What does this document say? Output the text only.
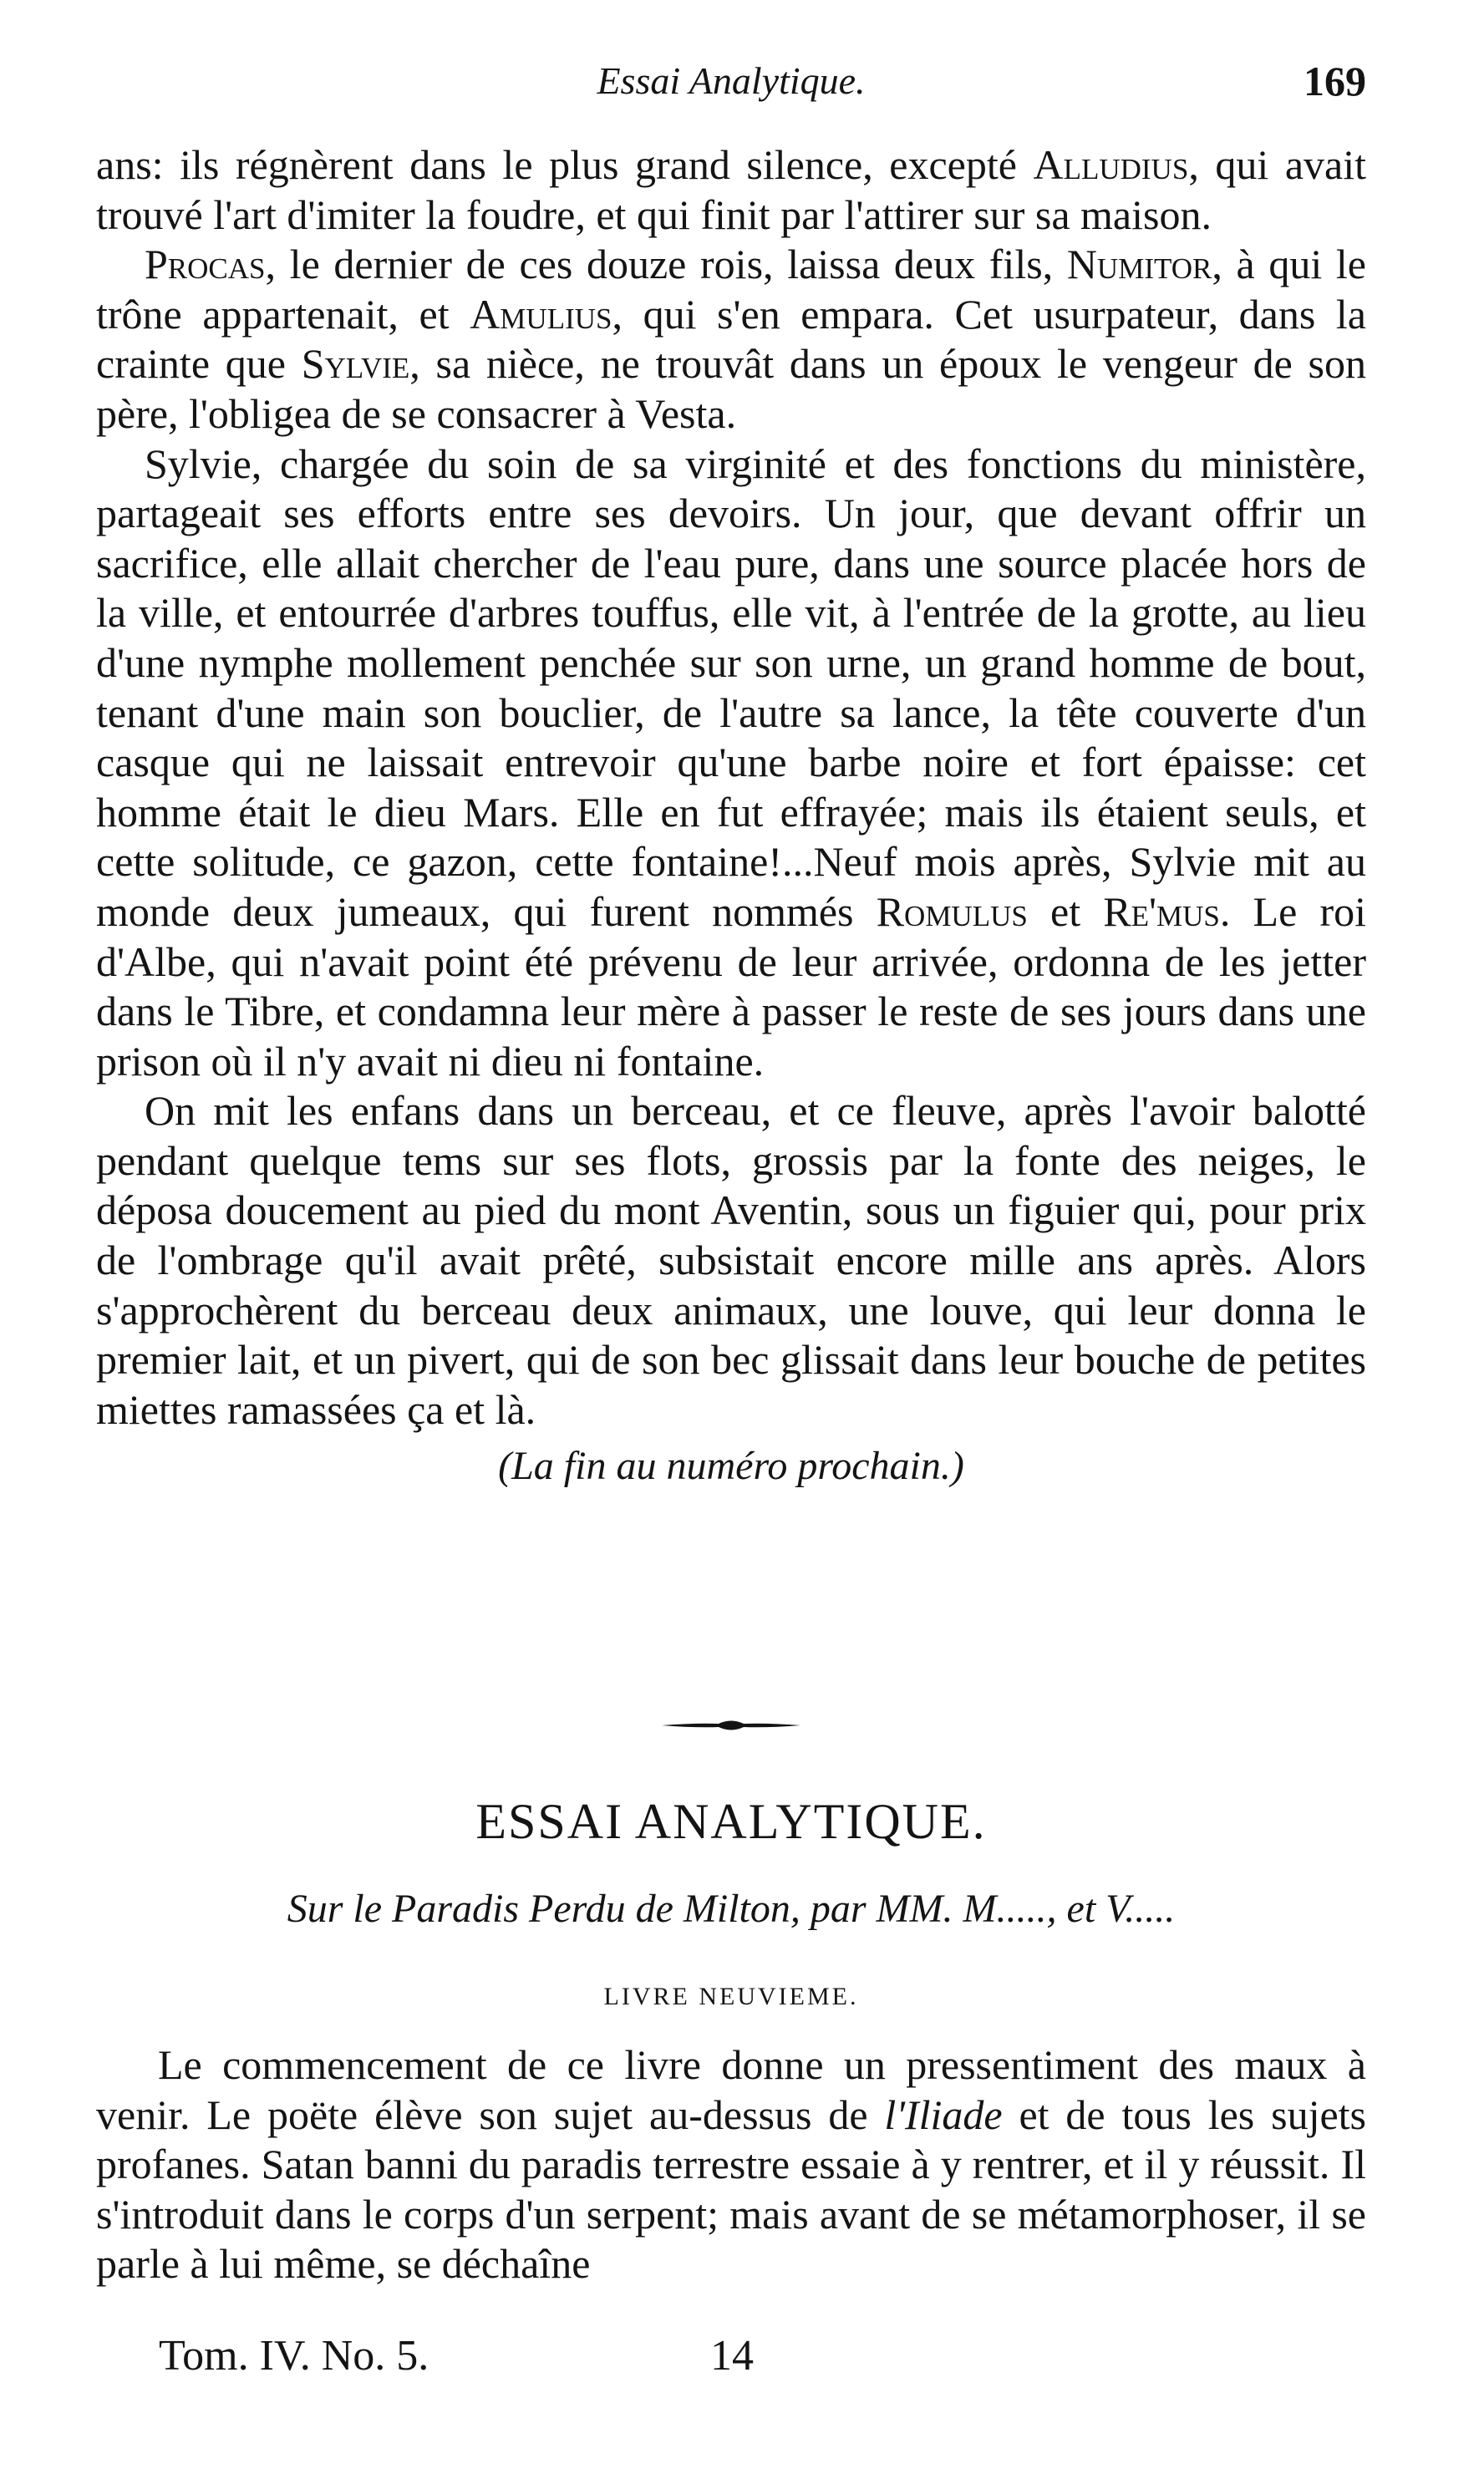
Essai Analytique.	169

ans: ils régnèrent dans le plus grand silence, excepté Alludius, qui avait trouvé l'art d'imiter la foudre, et qui finit par l'attirer sur sa maison.

Procas, le dernier de ces douze rois, laissa deux fils, Numitor, à qui le trône appartenait, et Amulius, qui s'en empara. Cet usurpateur, dans la crainte que Sylvie, sa nièce, ne trouvât dans un époux le vengeur de son père, l'obligea de se consacrer à Vesta.

Sylvie, chargée du soin de sa virginité et des fonctions du ministère, partageait ses efforts entre ses devoirs. Un jour, que devant offrir un sacrifice, elle allait chercher de l'eau pure, dans une source placée hors de la ville, et entourrée d'arbres touffus, elle vit, à l'entrée de la grotte, au lieu d'une nymphe mollement penchée sur son urne, un grand homme de bout, tenant d'une main son bouclier, de l'autre sa lance, la tête couverte d'un casque qui ne laissait entrevoir qu'une barbe noire et fort épaisse: cet homme était le dieu Mars. Elle en fut effrayée; mais ils étaient seuls, et cette solitude, ce gazon, cette fontaine!...Neuf mois après, Sylvie mit au monde deux jumeaux, qui furent nommés Romulus et Re'mus. Le roi d'Albe, qui n'avait point été prévenu de leur arrivée, ordonna de les jetter dans le Tibre, et condamna leur mère à passer le reste de ses jours dans une prison où il n'y avait ni dieu ni fontaine.

On mit les enfans dans un berceau, et ce fleuve, après l'avoir balotté pendant quelque tems sur ses flots, grossis par la fonte des neiges, le déposa doucement au pied du mont Aventin, sous un figuier qui, pour prix de l'ombrage qu'il avait prêté, subsistait encore mille ans après. Alors s'approchèrent du berceau deux animaux, une louve, qui leur donna le premier lait, et un pivert, qui de son bec glissait dans leur bouche de petites miettes ramassées ça et là.

(La fin au numéro prochain.)
ESSAI ANALYTIQUE.
Sur le Paradis Perdu de Milton, par MM. M....., et V.....
LIVRE NEUVIEME.

Le commencement de ce livre donne un pressentiment des maux à venir. Le poëte élève son sujet au-dessus de l'Iliade et de tous les sujets profanes. Satan banni du paradis terrestre essaie à y rentrer, et il y réussit. Il s'introduit dans le corps d'un serpent; mais avant de se métamorphoser, il se parle à lui même, se déchaîne

Tom. IV. No. 5.	14
